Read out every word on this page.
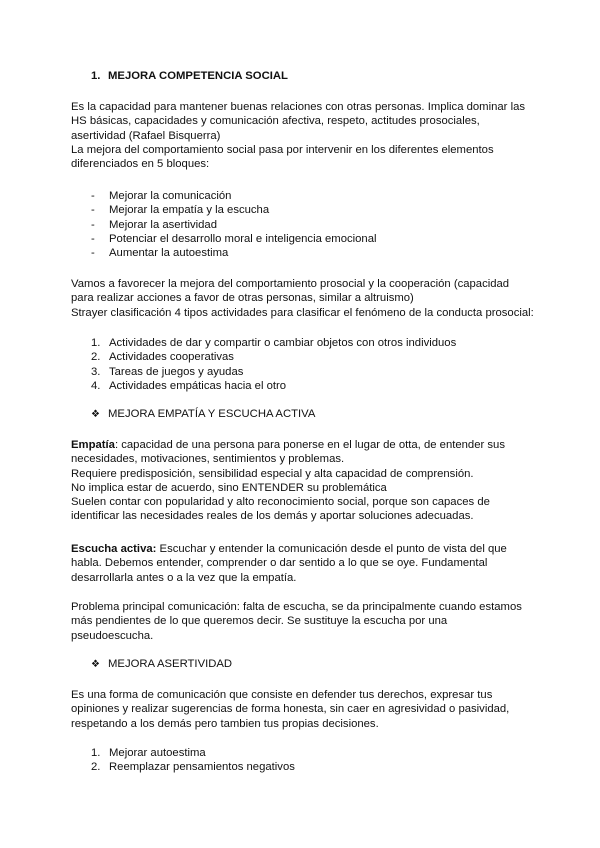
1. MEJORA COMPETENCIA SOCIAL
Es la capacidad para mantener buenas relaciones con otras personas. Implica dominar las
HS básicas, capacidades y comunicación afectiva, respeto, actitudes prosociales,
asertividad (Rafael Bisquerra)
La mejora del comportamiento social pasa por intervenir en los diferentes elementos
diferenciados en 5 bloques:
- Mejorar la comunicación
- Mejorar la empatía y la escucha
- Mejorar la asertividad
- Potenciar el desarrollo moral e inteligencia emocional
- Aumentar la autoestima
Vamos a favorecer la mejora del comportamiento prosocial y la cooperación (capacidad
para realizar acciones a favor de otras personas, similar a altruismo)
Strayer clasificación 4 tipos actividades para clasificar el fenómeno de la conducta prosocial:
1. Actividades de dar y compartir o cambiar objetos con otros individuos
2. Actividades cooperativas
3. Tareas de juegos y ayudas
4. Actividades empáticas hacia el otro
❖ MEJORA EMPATÍA Y ESCUCHA ACTIVA
Empatía: capacidad de una persona para ponerse en el lugar de otta, de entender sus
necesidades, motivaciones, sentimientos y problemas.
Requiere predisposición, sensibilidad especial y alta capacidad de comprensión.
No implica estar de acuerdo, sino ENTENDER su problemática
Suelen contar con popularidad y alto reconocimiento social, porque son capaces de
identificar las necesidades reales de los demás y aportar soluciones adecuadas.
Escucha activa: Escuchar y entender la comunicación desde el punto de vista del que
habla. Debemos entender, comprender o dar sentido a lo que se oye. Fundamental
desarrollarla antes o a la vez que la empatía.
Problema principal comunicación: falta de escucha, se da principalmente cuando estamos
más pendientes de lo que queremos decir. Se sustituye la escucha por una
pseudoescucha.
❖ MEJORA ASERTIVIDAD
Es una forma de comunicación que consiste en defender tus derechos, expresar tus
opiniones y realizar sugerencias de forma honesta, sin caer en agresividad o pasividad,
respetando a los demás pero tambien tus propias decisiones.
1. Mejorar autoestima
2. Reemplazar pensamientos negativos
